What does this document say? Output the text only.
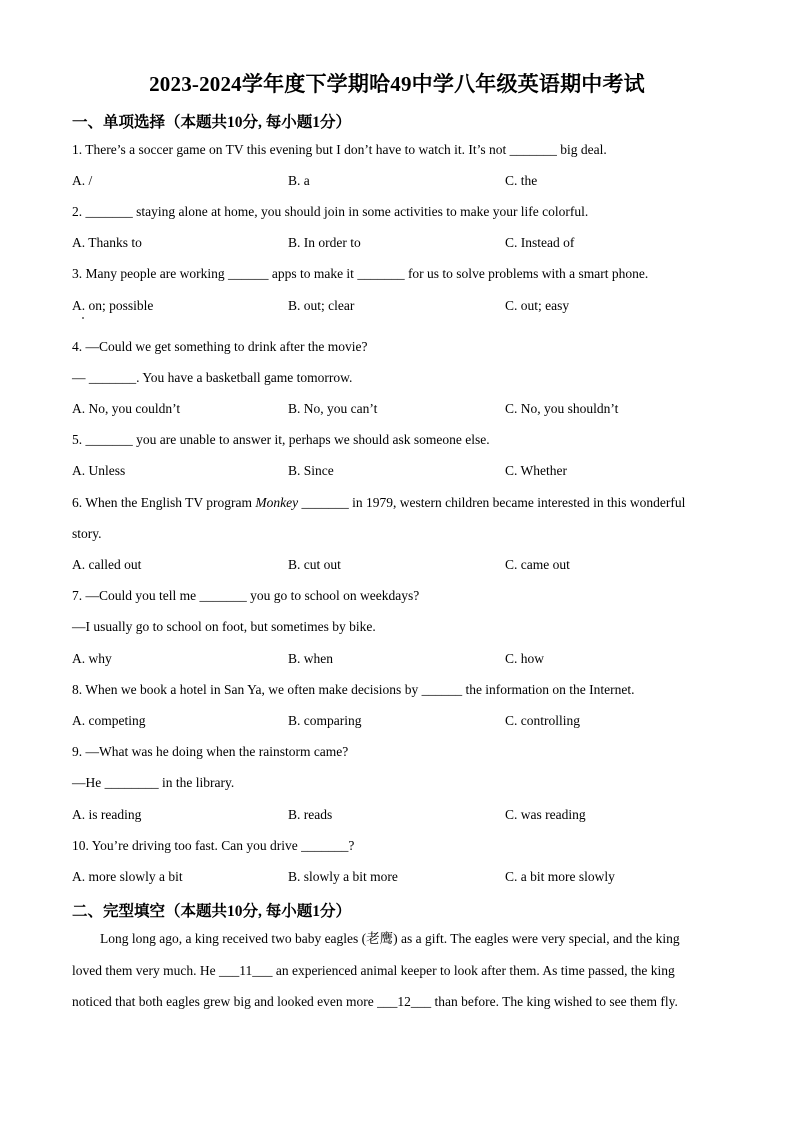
2023-2024学年度下学期哈49中学八年级英语期中考试
一、单项选择（本题共10分, 每小题1分）
1. There’s a soccer game on TV this evening but I don’t have to watch it. It’s not _______ big deal.
A. /	B. a	C. the
2. _______ staying alone at home, you should join in some activities to make your life colorful.
A. Thanks to	B. In order to	C. Instead of
3. Many people are working ______ apps to make it _______ for us to solve problems with a smart phone.
A. on; possible	B. out; clear	C. out; easy
4. —Could we get something to drink after the movie?
— _______. You have a basketball game tomorrow.
A. No, you couldn’t	B. No, you can’t	C. No, you shouldn’t
5. _______ you are unable to answer it, perhaps we should ask someone else.
A. Unless	B. Since	C. Whether
6. When the English TV program Monkey _______ in 1979, western children became interested in this wonderful
story.
A. called out	B. cut out	C. came out
7. —Could you tell me _______ you go to school on weekdays?
—I usually go to school on foot, but sometimes by bike.
A. why	B. when	C. how
8. When we book a hotel in San Ya, we often make decisions by ______ the information on the Internet.
A. competing	B. comparing	C. controlling
9. —What was he doing when the rainstorm came?
—He ________ in the library.
A. is reading	B. reads	C. was reading
10. You’re driving too fast. Can you drive _______?
A. more slowly a bit	B. slowly a bit more	C. a bit more slowly
二、完型填空（本题共10分, 每小题1分）
Long long ago, a king received two baby eagles (老鹰) as a gift. The eagles were very special, and the king
loved them very much. He ___11___ an experienced animal keeper to look after them. As time passed, the king
noticed that both eagles grew big and looked even more ___12___ than before. The king wished to see them fly.
